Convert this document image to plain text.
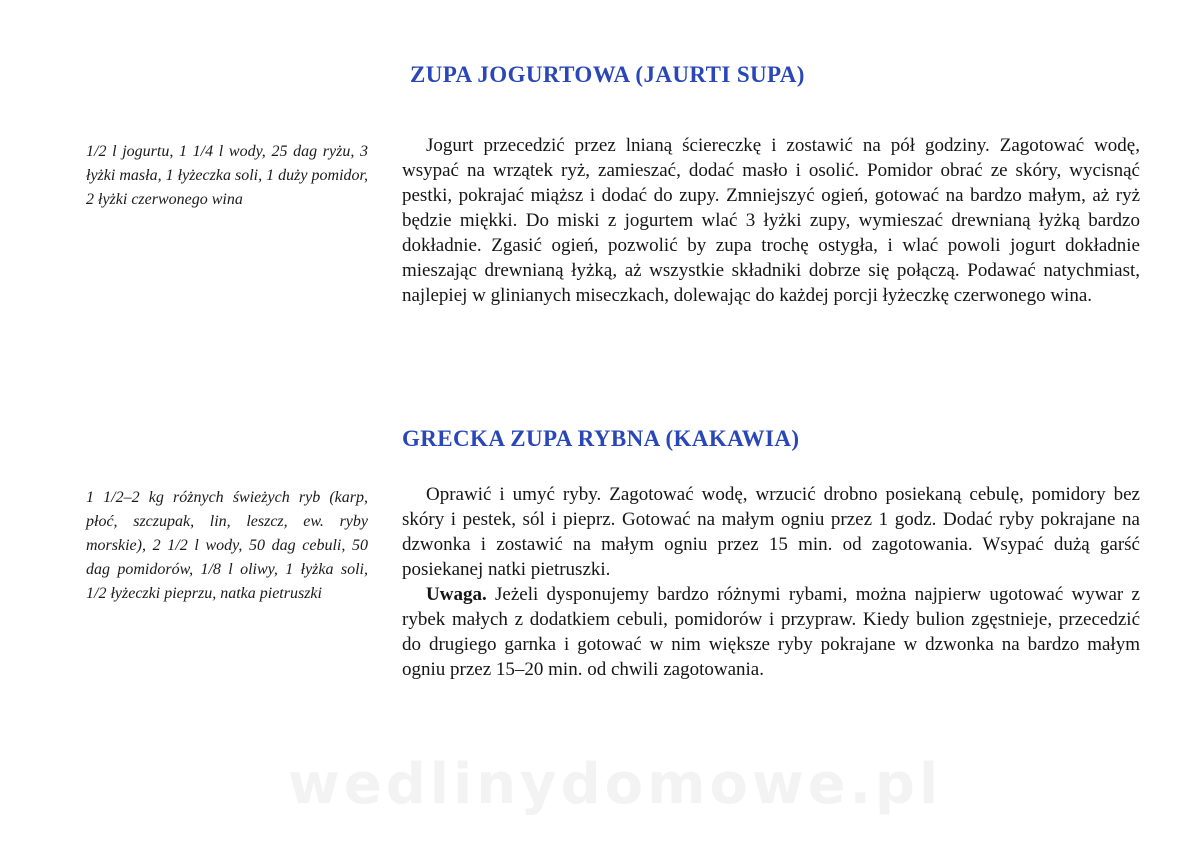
ZUPA JOGURTOWA (JAURTI SUPA)
1/2 l jogurtu, 1 1/4 l wody, 25 dag ryżu, 3 łyżki masła, 1 łyżeczka soli, 1 duży pomidor, 2 łyżki czerwonego wina

Jogurt przecedzić przez lnianą ściereczkę i zostawić na pół godziny. Zagotować wodę, wsypać na wrzątek ryż, zamieszać, dodać masło i osolić. Pomidor obrać ze skóry, wycisnąć pestki, pokrajać miąższ i dodać do zupy. Zmniejszyć ogień, gotować na bardzo małym, aż ryż będzie miękki. Do miski z jogurtem wlać 3 łyżki zupy, wymieszać drewnianą łyżką bardzo dokładnie. Zgasić ogień, pozwolić by zupa trochę ostygła, i wlać powoli jogurt dokładnie mieszając drewnianą łyżką, aż wszystkie składniki dobrze się połączą. Podawać natychmiast, najlepiej w glinianych miseczkach, dolewając do każdej porcji łyżeczkę czerwonego wina.

GRECKA ZUPA RYBNA (KAKAWIA)
1 1/2–2 kg różnych świeżych ryb (karp, płoć, szczupak, lin, leszcz, ew. ryby morskie), 2 1/2 l wody, 50 dag cebuli, 50 dag pomidorów, 1/8 l oliwy, 1 łyżka soli, 1/2 łyżeczki pieprzu, natka pietruszki

Oprawić i umyć ryby. Zagotować wodę, wrzucić drobno posiekaną cebulę, pomidory bez skóry i pestek, sól i pieprz. Gotować na małym ogniu przez 1 godz. Dodać ryby pokrajane na dzwonka i zostawić na małym ogniu przez 15 min. od zagotowania. Wsypać dużą garść posiekanej natki pietruszki.

Uwaga. Jeżeli dysponujemy bardzo różnymi rybami, można najpierw ugotować wywar z rybek małych z dodatkiem cebuli, pomidorów i przypraw. Kiedy bulion zgęstnieje, przecedzić do drugiego garnka i gotować w nim większe ryby pokrajane w dzwonka na bardzo małym ogniu przez 15–20 min. od chwili zagotowania.

wedlinydomowe.pl
